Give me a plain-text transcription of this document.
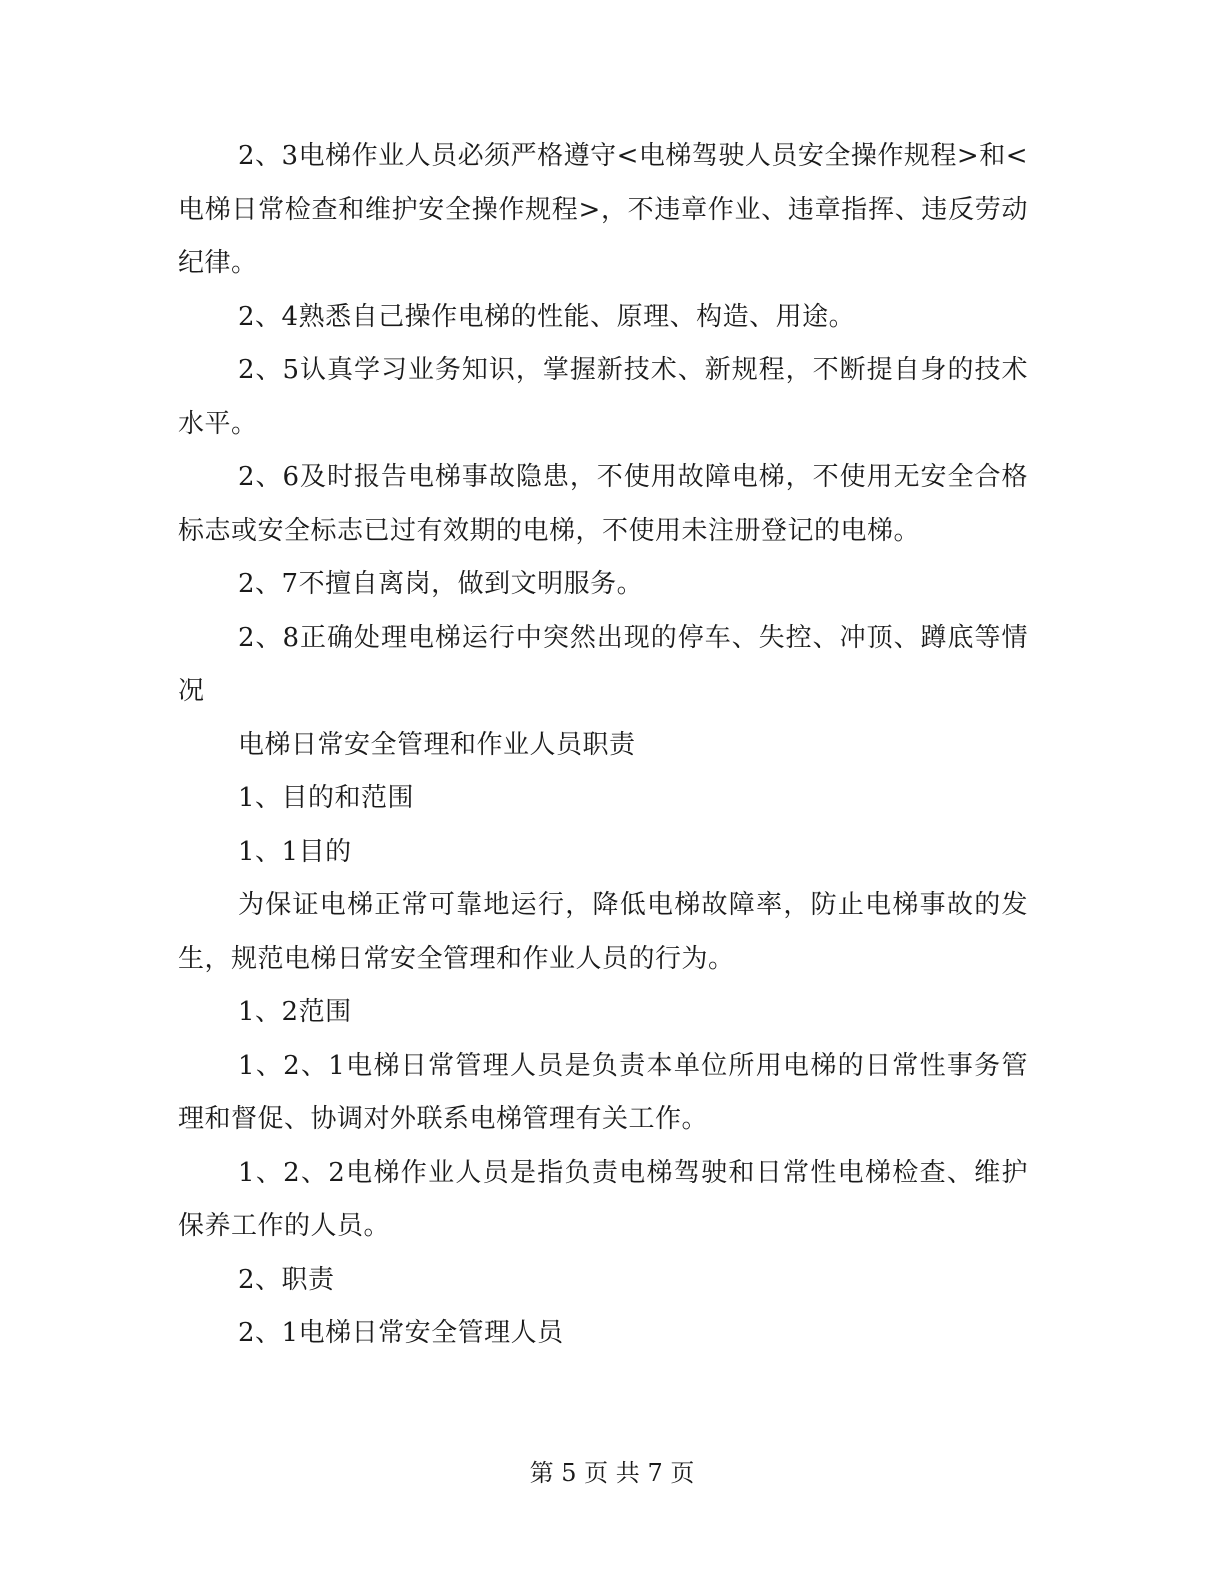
2、3电梯作业人员必须严格遵守<电梯驾驶人员安全操作规程>和<电梯日常检查和维护安全操作规程>，不违章作业、违章指挥、违反劳动纪律。

2、4熟悉自己操作电梯的性能、原理、构造、用途。

2、5认真学习业务知识，掌握新技术、新规程，不断提自身的技术水平。

2、6及时报告电梯事故隐患，不使用故障电梯，不使用无安全合格标志或安全标志已过有效期的电梯，不使用未注册登记的电梯。

2、7不擅自离岗，做到文明服务。

2、8正确处理电梯运行中突然出现的停车、失控、冲顶、蹲底等情况

电梯日常安全管理和作业人员职责

1、目的和范围

1、1目的

为保证电梯正常可靠地运行，降低电梯故障率，防止电梯事故的发生，规范电梯日常安全管理和作业人员的行为。

1、2范围

1、2、1电梯日常管理人员是负责本单位所用电梯的日常性事务管理和督促、协调对外联系电梯管理有关工作。

1、2、2电梯作业人员是指负责电梯驾驶和日常性电梯检查、维护保养工作的人员。

2、职责

2、1电梯日常安全管理人员

第 5 页 共 7 页
